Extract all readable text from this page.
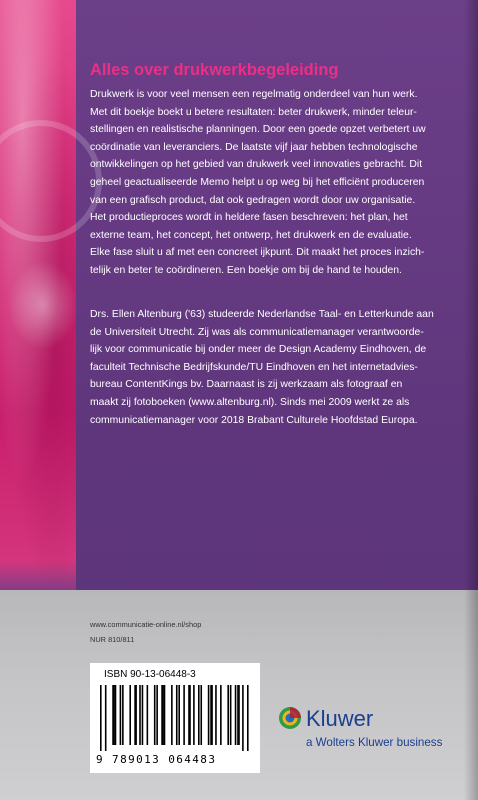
Alles over drukwerkbegeleiding

Drukwerk is voor veel mensen een regelmatig onderdeel van hun werk.
Met dit boekje boekt u betere resultaten: beter drukwerk, minder teleur-
stellingen en realistische planningen. Door een goede opzet verbetert uw
coördinatie van leveranciers. De laatste vijf jaar hebben technologische
ontwikkelingen op het gebied van drukwerk veel innovaties gebracht. Dit
geheel geactualiseerde Memo helpt u op weg bij het efficiënt produceren
van een grafisch product, dat ook gedragen wordt door uw organisatie.
Het productieproces wordt in heldere fasen beschreven: het plan, het
externe team, het concept, het ontwerp, het drukwerk en de evaluatie.
Elke fase sluit u af met een concreet ijkpunt. Dit maakt het proces inzich-
telijk en beter te coördineren. Een boekje om bij de hand te houden.

Drs. Ellen Altenburg ('63) studeerde Nederlandse Taal- en Letterkunde aan
de Universiteit Utrecht. Zij was als communicatiemanager verantwoorde-
lijk voor communicatie bij onder meer de Design Academy Eindhoven, de
faculteit Technische Bedrijfskunde/TU Eindhoven en het internetadvies-
bureau ContentKings bv. Daarnaast is zij werkzaam als fotograaf en
maakt zij fotoboeken (www.altenburg.nl). Sinds mei 2009 werkt ze als
communicatiemanager voor 2018 Brabant Culturele Hoofdstad Europa.

www.communicatie-online.nl/shop
NUR 810/811
ISBN 90-13-06448-3
9 789013 064483
Kluwer
a Wolters Kluwer business
